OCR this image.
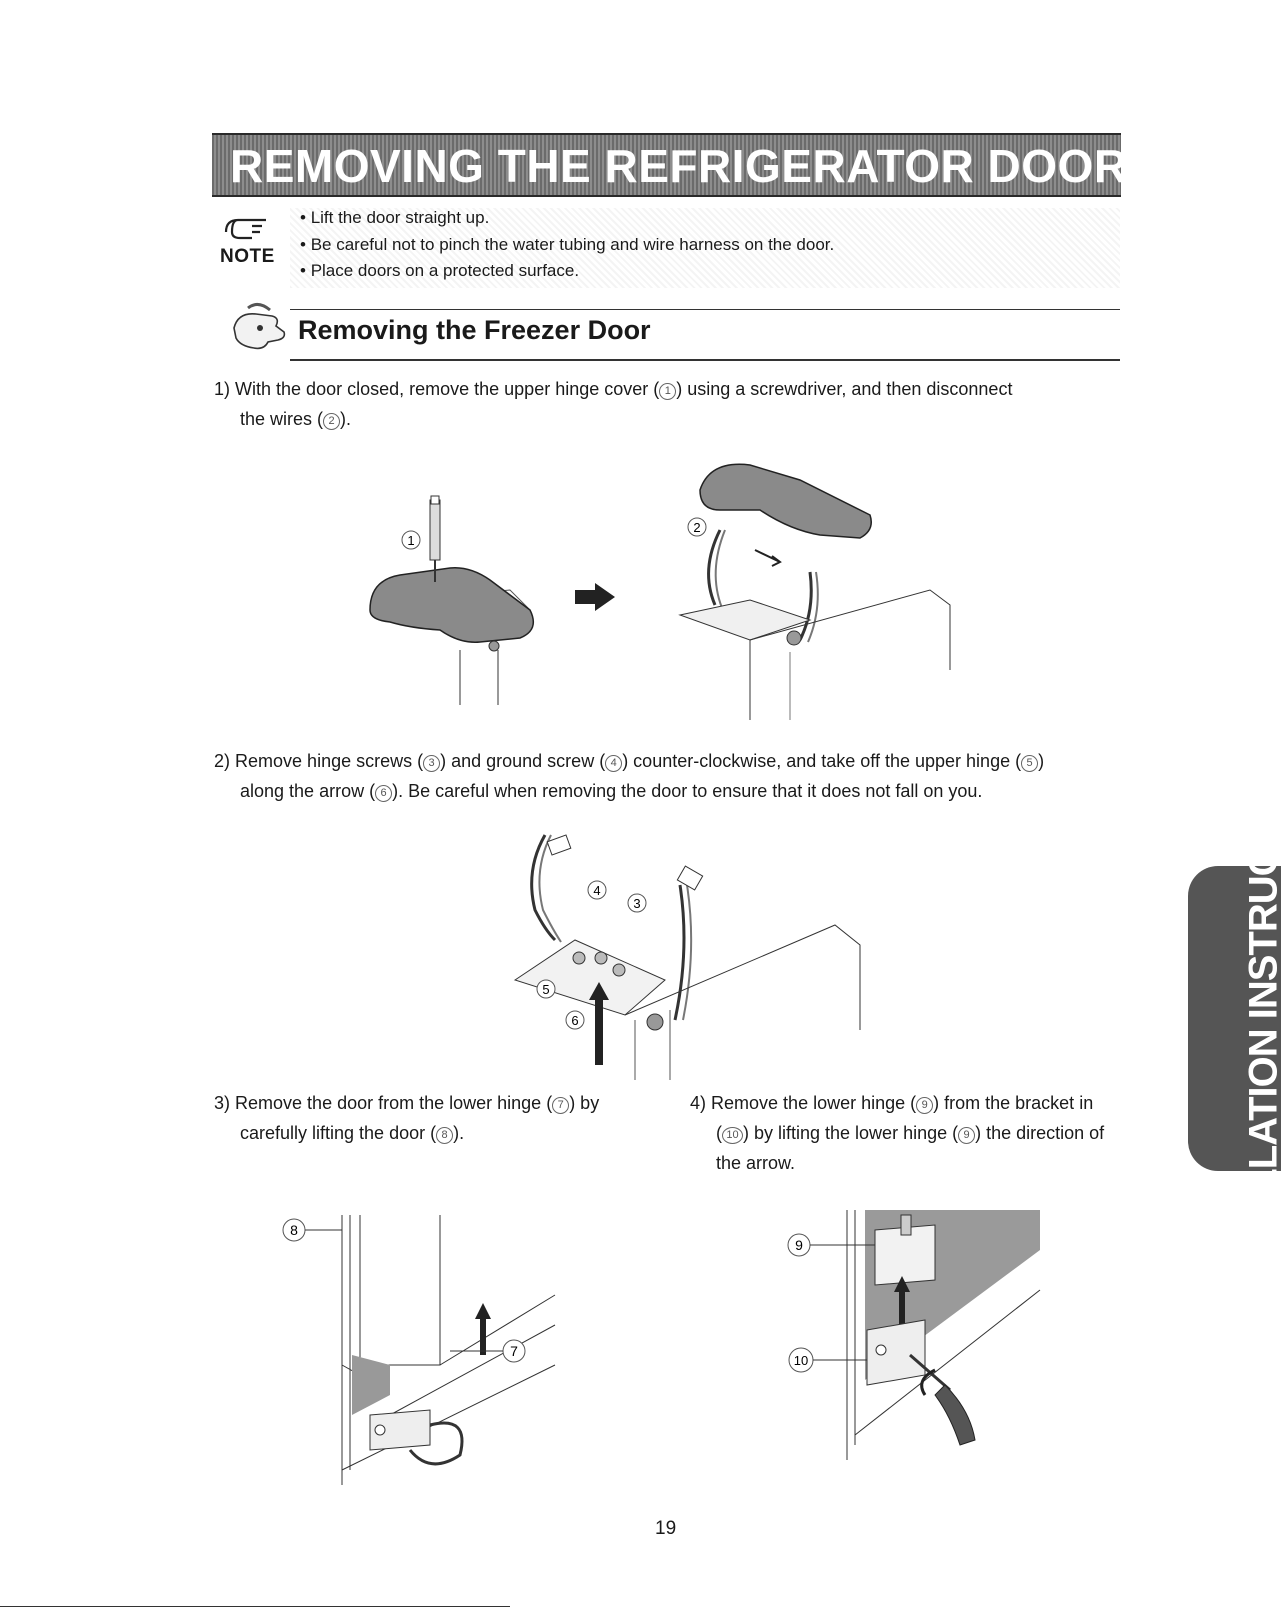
REMOVING THE REFRIGERATOR DOORS
NOTE
• Lift the door straight up.
• Be careful not to pinch the water tubing and wire harness on the door.
• Place doors on a protected surface.
Removing the Freezer Door
1) With the door closed, remove the upper hinge cover ( 1 ) using a screwdriver, and then disconnect
the wires ( 2 ).
1
2
2) Remove hinge screws ( 3 ) and ground screw ( 4 ) counter-clockwise, and take off the upper hinge ( 5 )
along the arrow ( 6 ). Be careful when removing the door to ensure that it does not fall on you.
4
3
5
6
3) Remove the door from the lower hinge ( 7 ) by
carefully lifting the door ( 8 ).
4) Remove the lower hinge ( 9 ) from the bracket in
( 10 ) by lifting the lower hinge ( 9 ) the direction of
the arrow.
8
7
9
10
INSTALLATION INSTRUCTIONS
19
